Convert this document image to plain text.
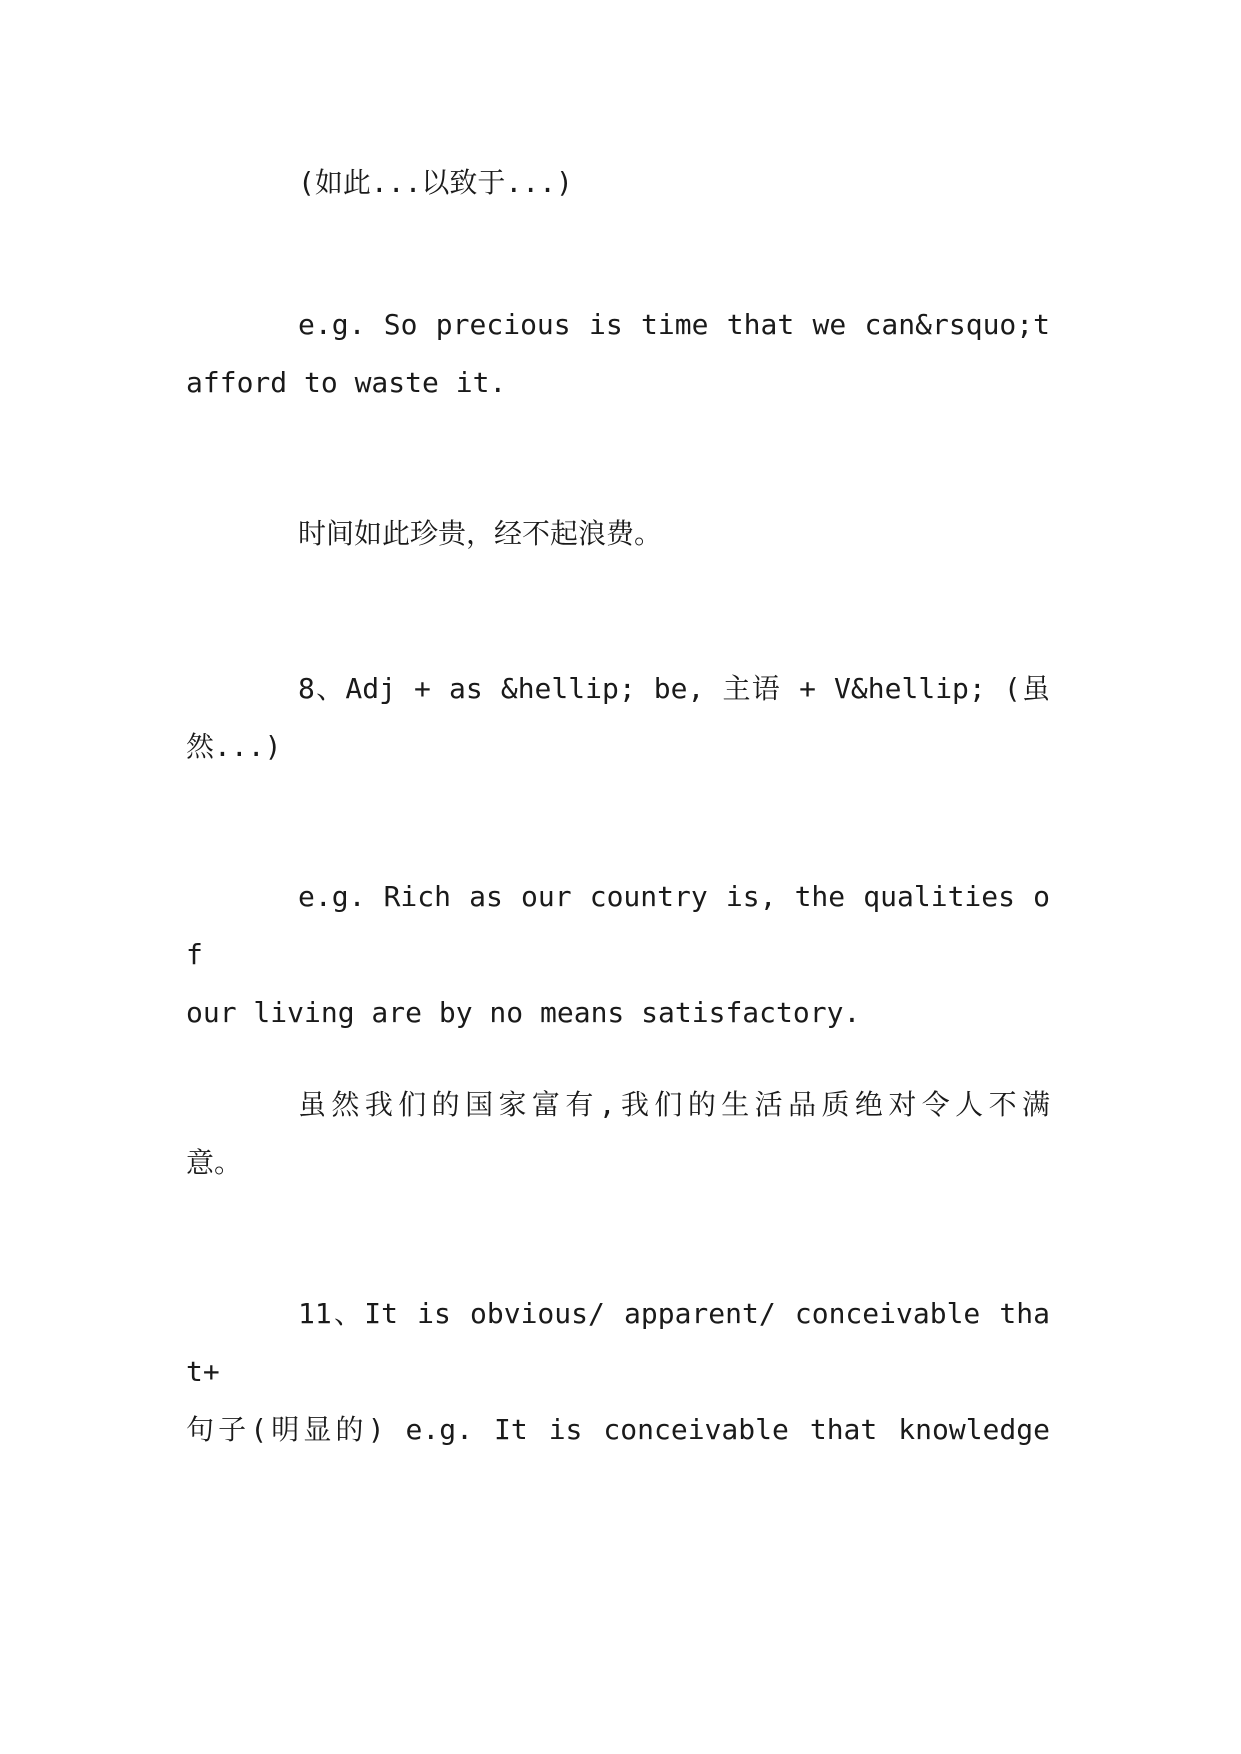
(如此...以致于...)

e.g. So precious is time that we can&rsquo;t
afford to waste it.

时间如此珍贵，经不起浪费。

8、Adj + as &hellip; be, 主语 + V&hellip; (虽
然...)

e.g. Rich as our country is, the qualities of
our living are by no means satisfactory.

虽然我们的国家富有,我们的生活品质绝对令人不满
意。

11、It is obvious/ apparent/ conceivable that+
句子(明显的) e.g. It is conceivable that knowledge
